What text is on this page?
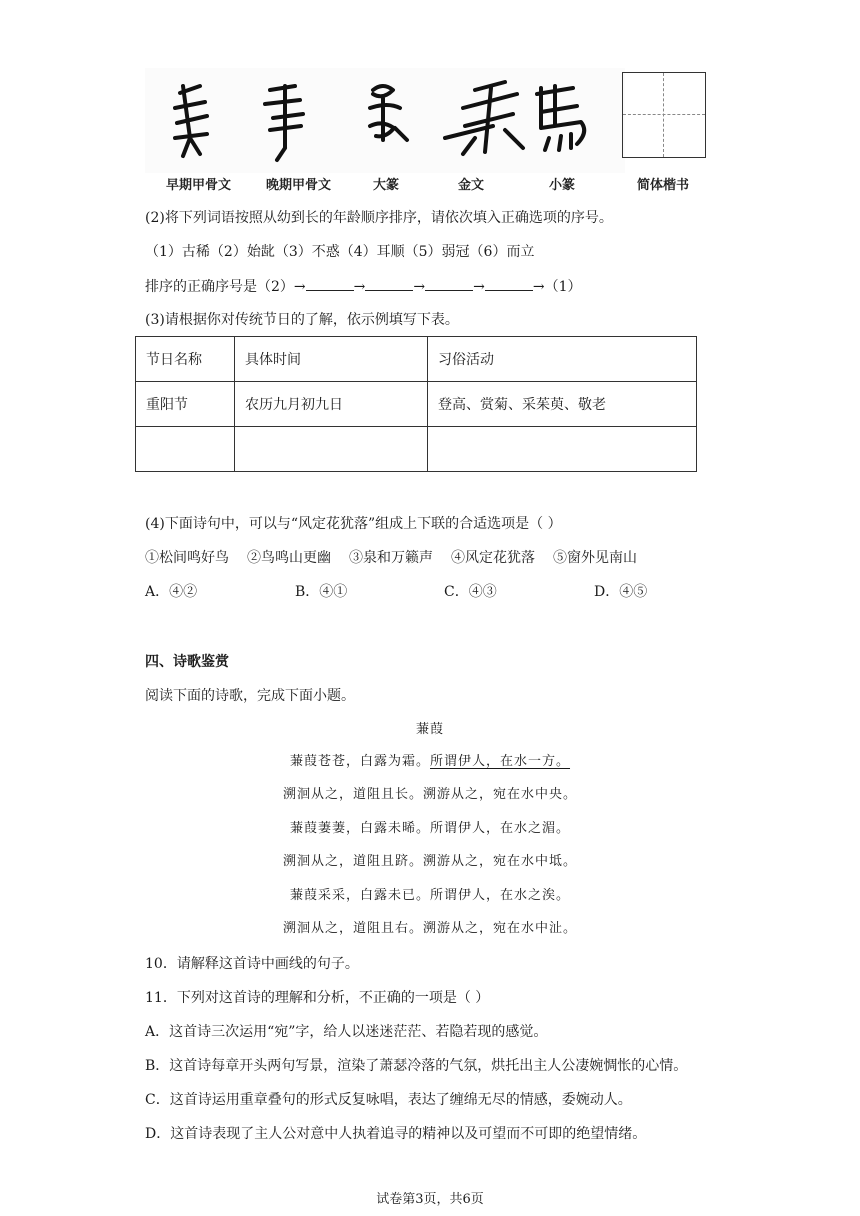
早期甲骨文	晚期甲骨文	大篆	金文	小篆	简体楷书
(2)将下列词语按照从幼到长的年龄顺序排序，请依次填入正确选项的序号。
（1）古稀（2）始龀（3）不惑（4）耳顺（5）弱冠（6）而立
排序的正确序号是（2）→	→	→	→	→（1）
(3)请根据你对传统节日的了解，依示例填写下表。
节日名称	具体时间	习俗活动
重阳节	农历九月初九日	登高、赏菊、采茱萸、敬老

(4)下面诗句中，可以与“风定花犹落”组成上下联的合适选项是（ ）
①松间鸣好鸟 ②鸟鸣山更幽 ③泉和万籁声 ④风定花犹落 ⑤窗外见南山
A．④②	B．④①	C．④③	D．④⑤
四、诗歌鉴赏
阅读下面的诗歌，完成下面小题。
蒹葭
蒹葭苍苍，白露为霜。所谓伊人，在水一方。
溯洄从之，道阻且长。溯游从之，宛在水中央。
蒹葭萋萋，白露未晞。所谓伊人，在水之湄。
溯洄从之，道阻且跻。溯游从之，宛在水中坻。
蒹葭采采，白露未已。所谓伊人，在水之涘。
溯洄从之，道阻且右。溯游从之，宛在水中沚。
10．请解释这首诗中画线的句子。
11．下列对这首诗的理解和分析，不正确的一项是（ ）
A．这首诗三次运用“宛”字，给人以迷迷茫茫、若隐若现的感觉。
B．这首诗每章开头两句写景，渲染了萧瑟冷落的气氛，烘托出主人公凄婉惆怅的心情。
C．这首诗运用重章叠句的形式反复咏唱，表达了缠绵无尽的情感，委婉动人。
D．这首诗表现了主人公对意中人执着追寻的精神以及可望而不可即的绝望情绪。
试卷第3页，共6页
